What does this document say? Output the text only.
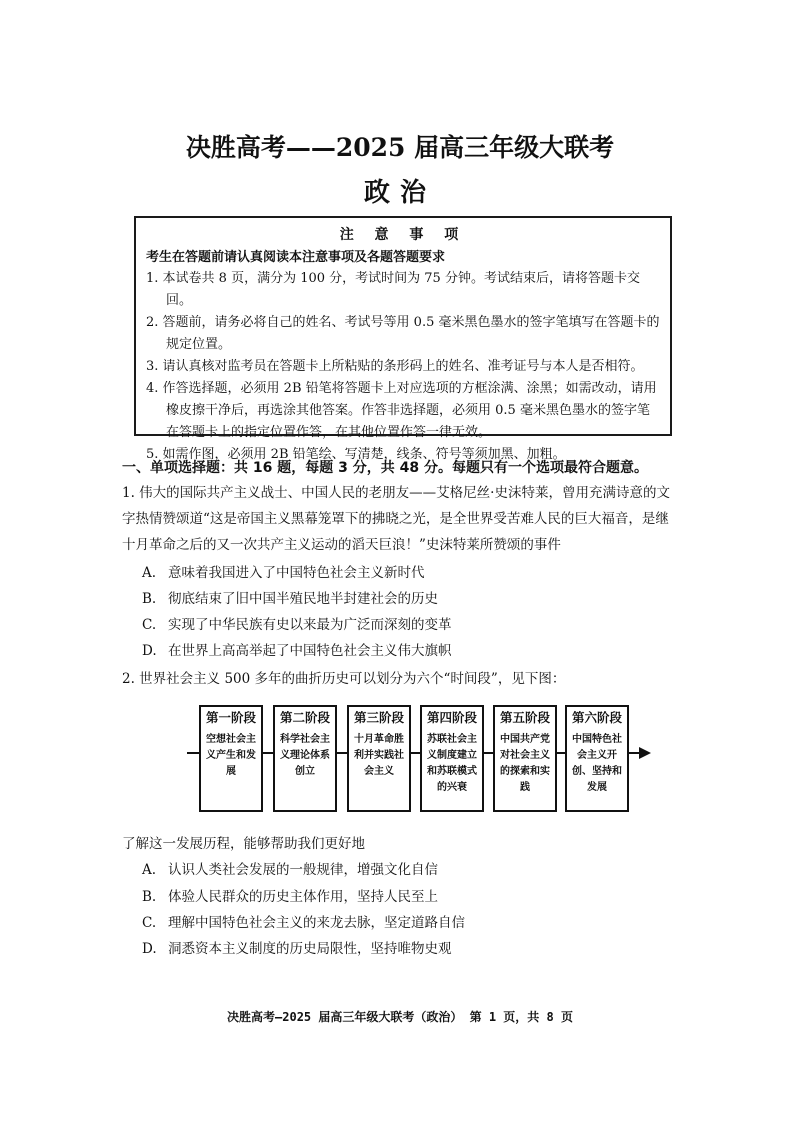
决胜高考——2025 届高三年级大联考
政治
注 意 事 项
考生在答题前请认真阅读本注意事项及各题答题要求
1. 本试卷共 8 页，满分为 100 分，考试时间为 75 分钟。考试结束后，请将答题卡交回。
2. 答题前，请务必将自己的姓名、考试号等用 0.5 毫米黑色墨水的签字笔填写在答题卡的规定位置。
3. 请认真核对监考员在答题卡上所粘贴的条形码上的姓名、准考证号与本人是否相符。
4. 作答选择题，必须用 2B 铅笔将答题卡上对应选项的方框涂满、涂黑；如需改动，请用橡皮擦干净后，再选涂其他答案。作答非选择题，必须用 0.5 毫米黑色墨水的签字笔在答题卡上的指定位置作答，在其他位置作答一律无效。
5. 如需作图，必须用 2B 铅笔绘、写清楚，线条、符号等须加黑、加粗。
一、单项选择题：共 16 题，每题 3 分，共 48 分。每题只有一个选项最符合题意。
1. 伟大的国际共产主义战士、中国人民的老朋友——艾格尼丝·史沫特莱，曾用充满诗意的文字热情赞颂道“这是帝国主义黑幕笼罩下的拂晓之光，是全世界受苦难人民的巨大福音，是继十月革命之后的又一次共产主义运动的滔天巨浪！”史沫特莱所赞颂的事件
A. 意味着我国进入了中国特色社会主义新时代
B. 彻底结束了旧中国半殖民地半封建社会的历史
C. 实现了中华民族有史以来最为广泛而深刻的变革
D. 在世界上高高举起了中国特色社会主义伟大旗帜
2. 世界社会主义 500 多年的曲折历史可以划分为六个“时间段”，见下图：
第一阶段
空想社会主义产生和发展
第二阶段
科学社会主义理论体系创立
第三阶段
十月革命胜利并实践社会主义
第四阶段
苏联社会主义制度建立和苏联模式的兴衰
第五阶段
中国共产党对社会主义的探索和实践
第六阶段
中国特色社会主义开创、坚持和发展
了解这一发展历程，能够帮助我们更好地
A. 认识人类社会发展的一般规律，增强文化自信
B. 体验人民群众的历史主体作用，坚持人民至上
C. 理解中国特色社会主义的来龙去脉，坚定道路自信
D. 洞悉资本主义制度的历史局限性，坚持唯物史观
决胜高考—2025 届高三年级大联考（政治） 第 1 页，共 8 页
